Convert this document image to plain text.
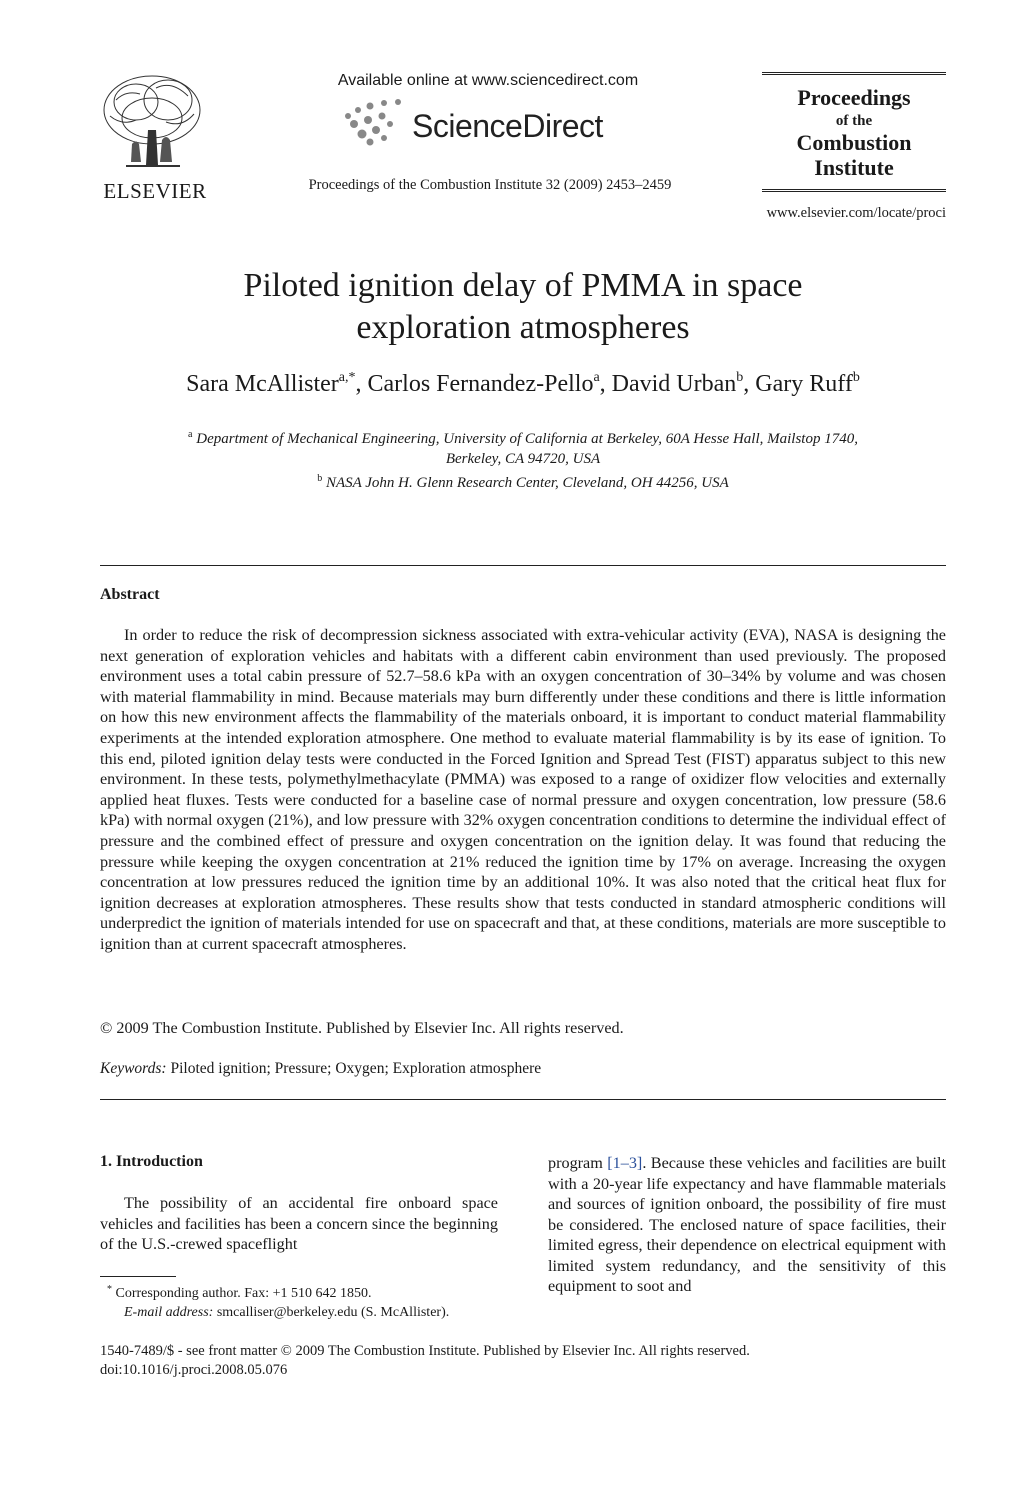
ELSEVIER
Available online at www.sciencedirect.com
ScienceDirect
Proceedings of the Combustion Institute 32 (2009) 2453–2459
Proceedings
of the
Combustion
Institute
www.elsevier.com/locate/proci
Piloted ignition delay of PMMA in space
exploration atmospheres
Sara McAllister$^{a,*}$, Carlos Fernandez-Pello$^a$, David Urban$^b$, Gary Ruff$^b$
$^a$ Department of Mechanical Engineering, University of California at Berkeley, 60A Hesse Hall, Mailstop 1740,
Berkeley, CA 94720, USA
$^b$ NASA John H. Glenn Research Center, Cleveland, OH 44256, USA
Abstract
In order to reduce the risk of decompression sickness associated with extra-vehicular activity (EVA), NASA is designing the next generation of exploration vehicles and habitats with a different cabin environment than used previously. The proposed environment uses a total cabin pressure of 52.7–58.6 kPa with an oxygen concentration of 30–34% by volume and was chosen with material flammability in mind. Because materials may burn differently under these conditions and there is little information on how this new environment affects the flammability of the materials onboard, it is important to conduct material flammability experiments at the intended exploration atmosphere. One method to evaluate material flammability is by its ease of ignition. To this end, piloted ignition delay tests were conducted in the Forced Ignition and Spread Test (FIST) apparatus subject to this new environment. In these tests, polymethylmethacylate (PMMA) was exposed to a range of oxidizer flow velocities and externally applied heat fluxes. Tests were conducted for a baseline case of normal pressure and oxygen concentration, low pressure (58.6 kPa) with normal oxygen (21%), and low pressure with 32% oxygen concentration conditions to determine the individual effect of pressure and the combined effect of pressure and oxygen concentration on the ignition delay. It was found that reducing the pressure while keeping the oxygen concentration at 21% reduced the ignition time by 17% on average. Increasing the oxygen concentration at low pressures reduced the ignition time by an additional 10%. It was also noted that the critical heat flux for ignition decreases at exploration atmospheres. These results show that tests conducted in standard atmospheric conditions will underpredict the ignition of materials intended for use on spacecraft and that, at these conditions, materials are more susceptible to ignition than at current spacecraft atmospheres.
© 2009 The Combustion Institute. Published by Elsevier Inc. All rights reserved.
Keywords: Piloted ignition; Pressure; Oxygen; Exploration atmosphere
1. Introduction
The possibility of an accidental fire onboard space vehicles and facilities has been a concern since the beginning of the U.S.-crewed spaceflight
program [1–3]. Because these vehicles and facilities are built with a 20-year life expectancy and have flammable materials and sources of ignition onboard, the possibility of fire must be considered. The enclosed nature of space facilities, their limited egress, their dependence on electrical equipment with limited system redundancy, and the sensitivity of this equipment to soot and
* Corresponding author. Fax: +1 510 642 1850.
E-mail address: smcalliser@berkeley.edu (S. McAllister).
1540-7489/$ - see front matter © 2009 The Combustion Institute. Published by Elsevier Inc. All rights reserved.
doi:10.1016/j.proci.2008.05.076
